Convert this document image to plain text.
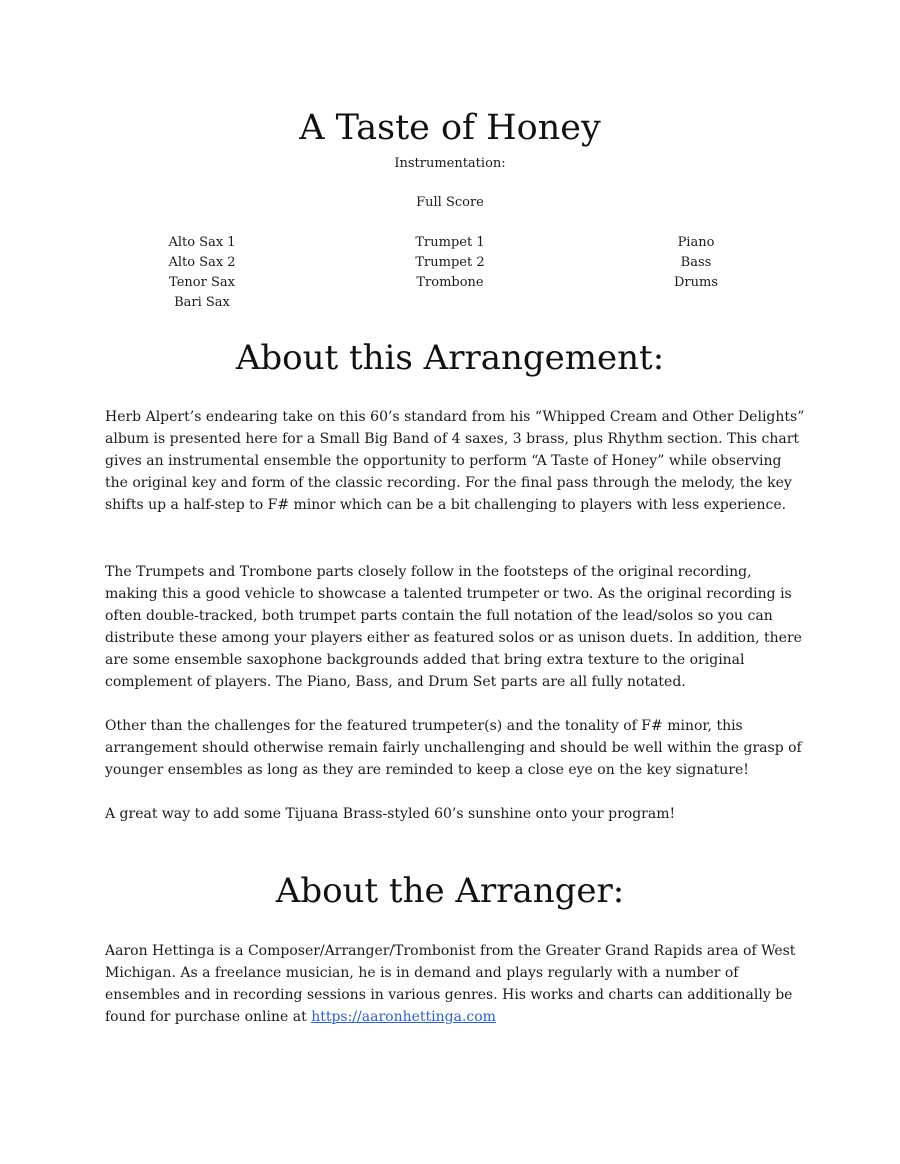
A Taste of Honey
Instrumentation:
Full Score
Alto Sax 1
Alto Sax 2
Tenor Sax
Bari Sax
Trumpet 1
Trumpet 2
Trombone
Piano
Bass
Drums
About this Arrangement:

Herb Alpert’s endearing take on this 60’s standard from his “Whipped Cream and Other Delights” album is presented here for a Small Big Band of 4 saxes, 3 brass, plus Rhythm section. This chart gives an instrumental ensemble the opportunity to perform “A Taste of Honey” while observing the original key and form of the classic recording. For the final pass through the melody, the key shifts up a half-step to F# minor which can be a bit challenging to players with less experience.

The Trumpets and Trombone parts closely follow in the footsteps of the original recording, making this a good vehicle to showcase a talented trumpeter or two. As the original recording is often double-tracked, both trumpet parts contain the full notation of the lead/solos so you can distribute these among your players either as featured solos or as unison duets. In addition, there are some ensemble saxophone backgrounds added that bring extra texture to the original complement of players. The Piano, Bass, and Drum Set parts are all fully notated.

Other than the challenges for the featured trumpeter(s) and the tonality of F# minor, this arrangement should otherwise remain fairly unchallenging and should be well within the grasp of younger ensembles as long as they are reminded to keep a close eye on the key signature!

A great way to add some Tijuana Brass-styled 60’s sunshine onto your program!

About the Arranger:

Aaron Hettinga is a Composer/Arranger/Trombonist from the Greater Grand Rapids area of West Michigan. As a freelance musician, he is in demand and plays regularly with a number of ensembles and in recording sessions in various genres. His works and charts can additionally be found for purchase online at https://aaronhettinga.com
